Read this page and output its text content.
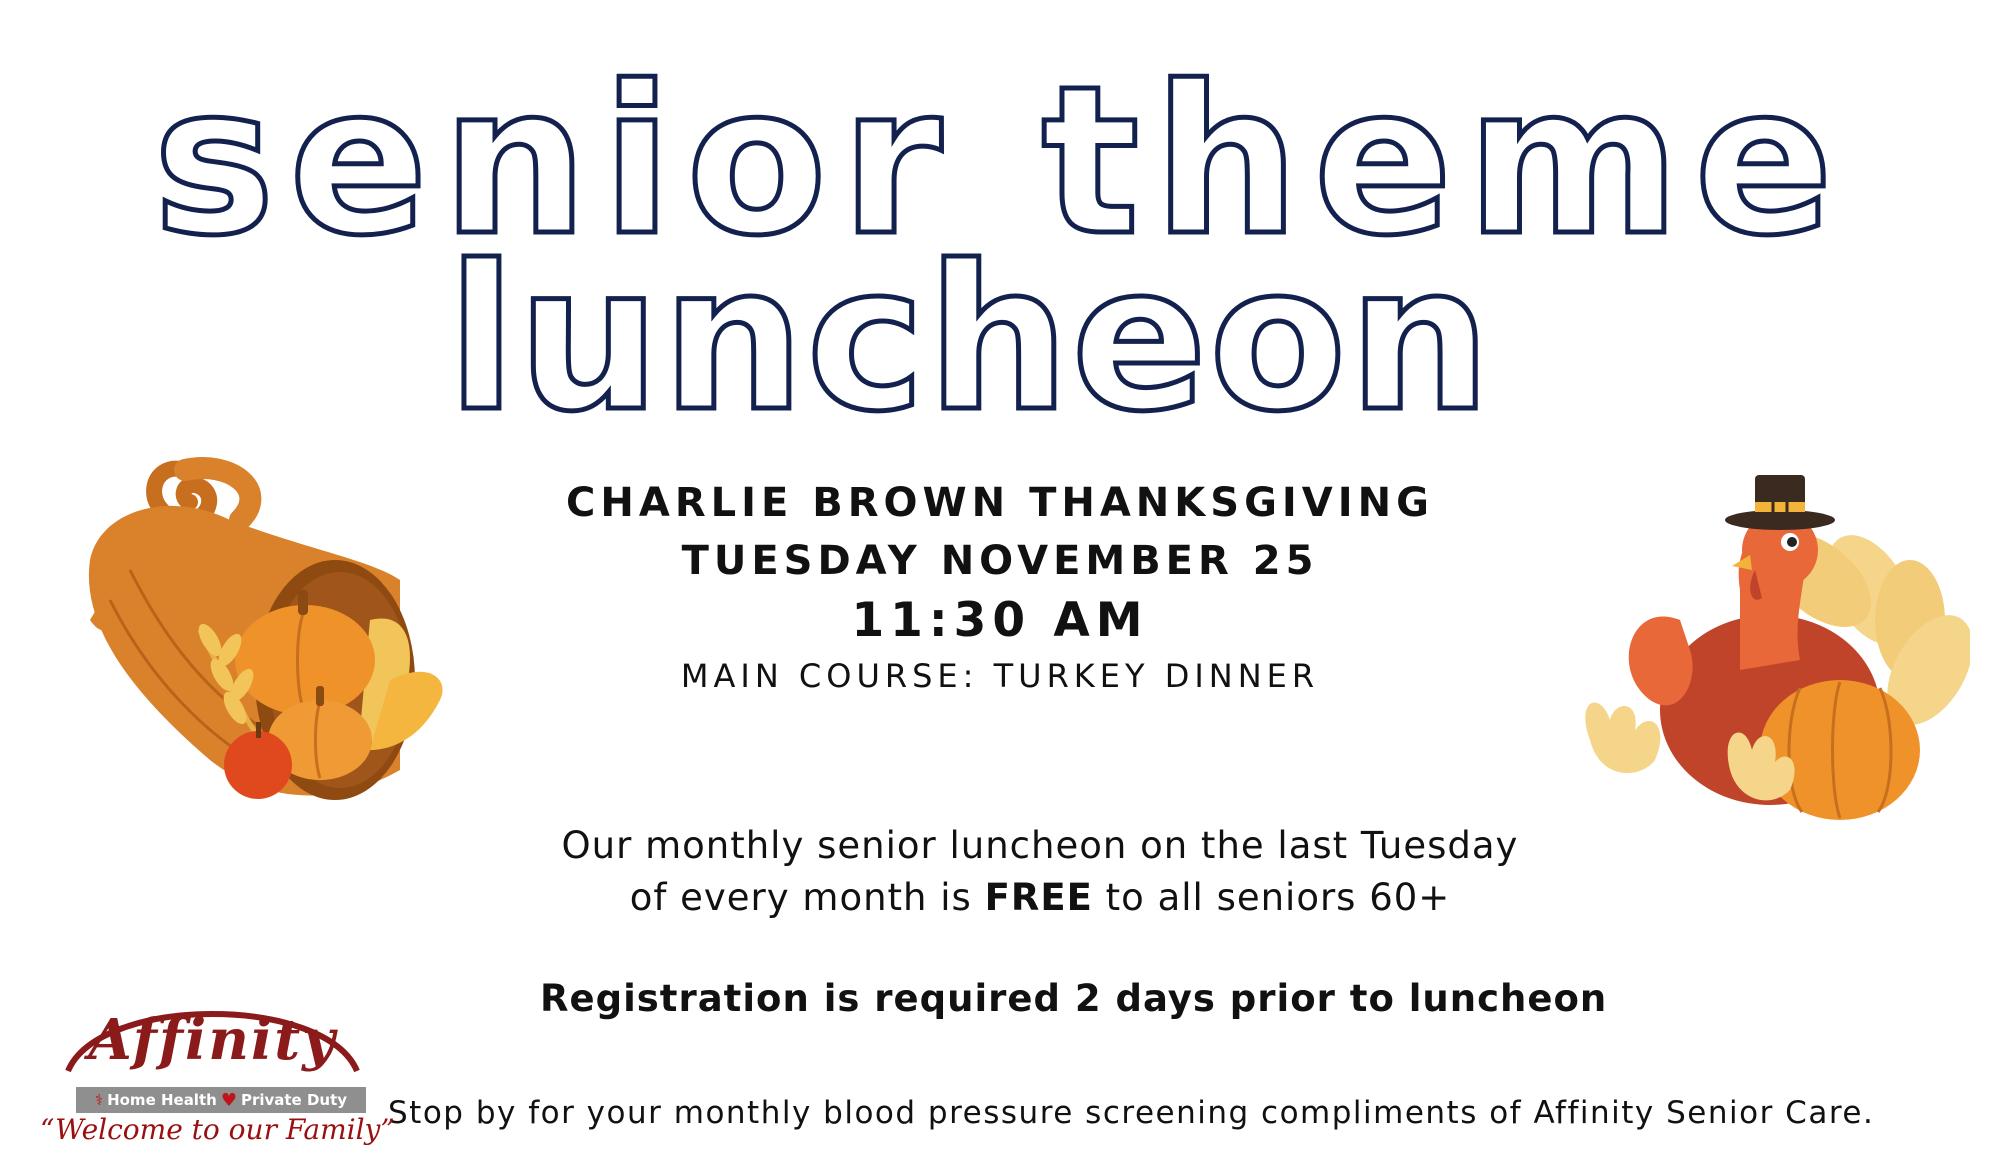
senior theme
luncheon
CHARLIE BROWN THANKSGIVING
TUESDAY NOVEMBER 25
11:30 AM
MAIN COURSE: TURKEY DINNER
Our monthly senior luncheon on the last Tuesday
of every month is FREE to all seniors 60+
Registration is required 2 days prior to luncheon
Stop by for your monthly blood pressure screening compliments of Affinity Senior Care.
Affinity
⚕ Home Health ♥ Private Duty
“Welcome to our Family”
